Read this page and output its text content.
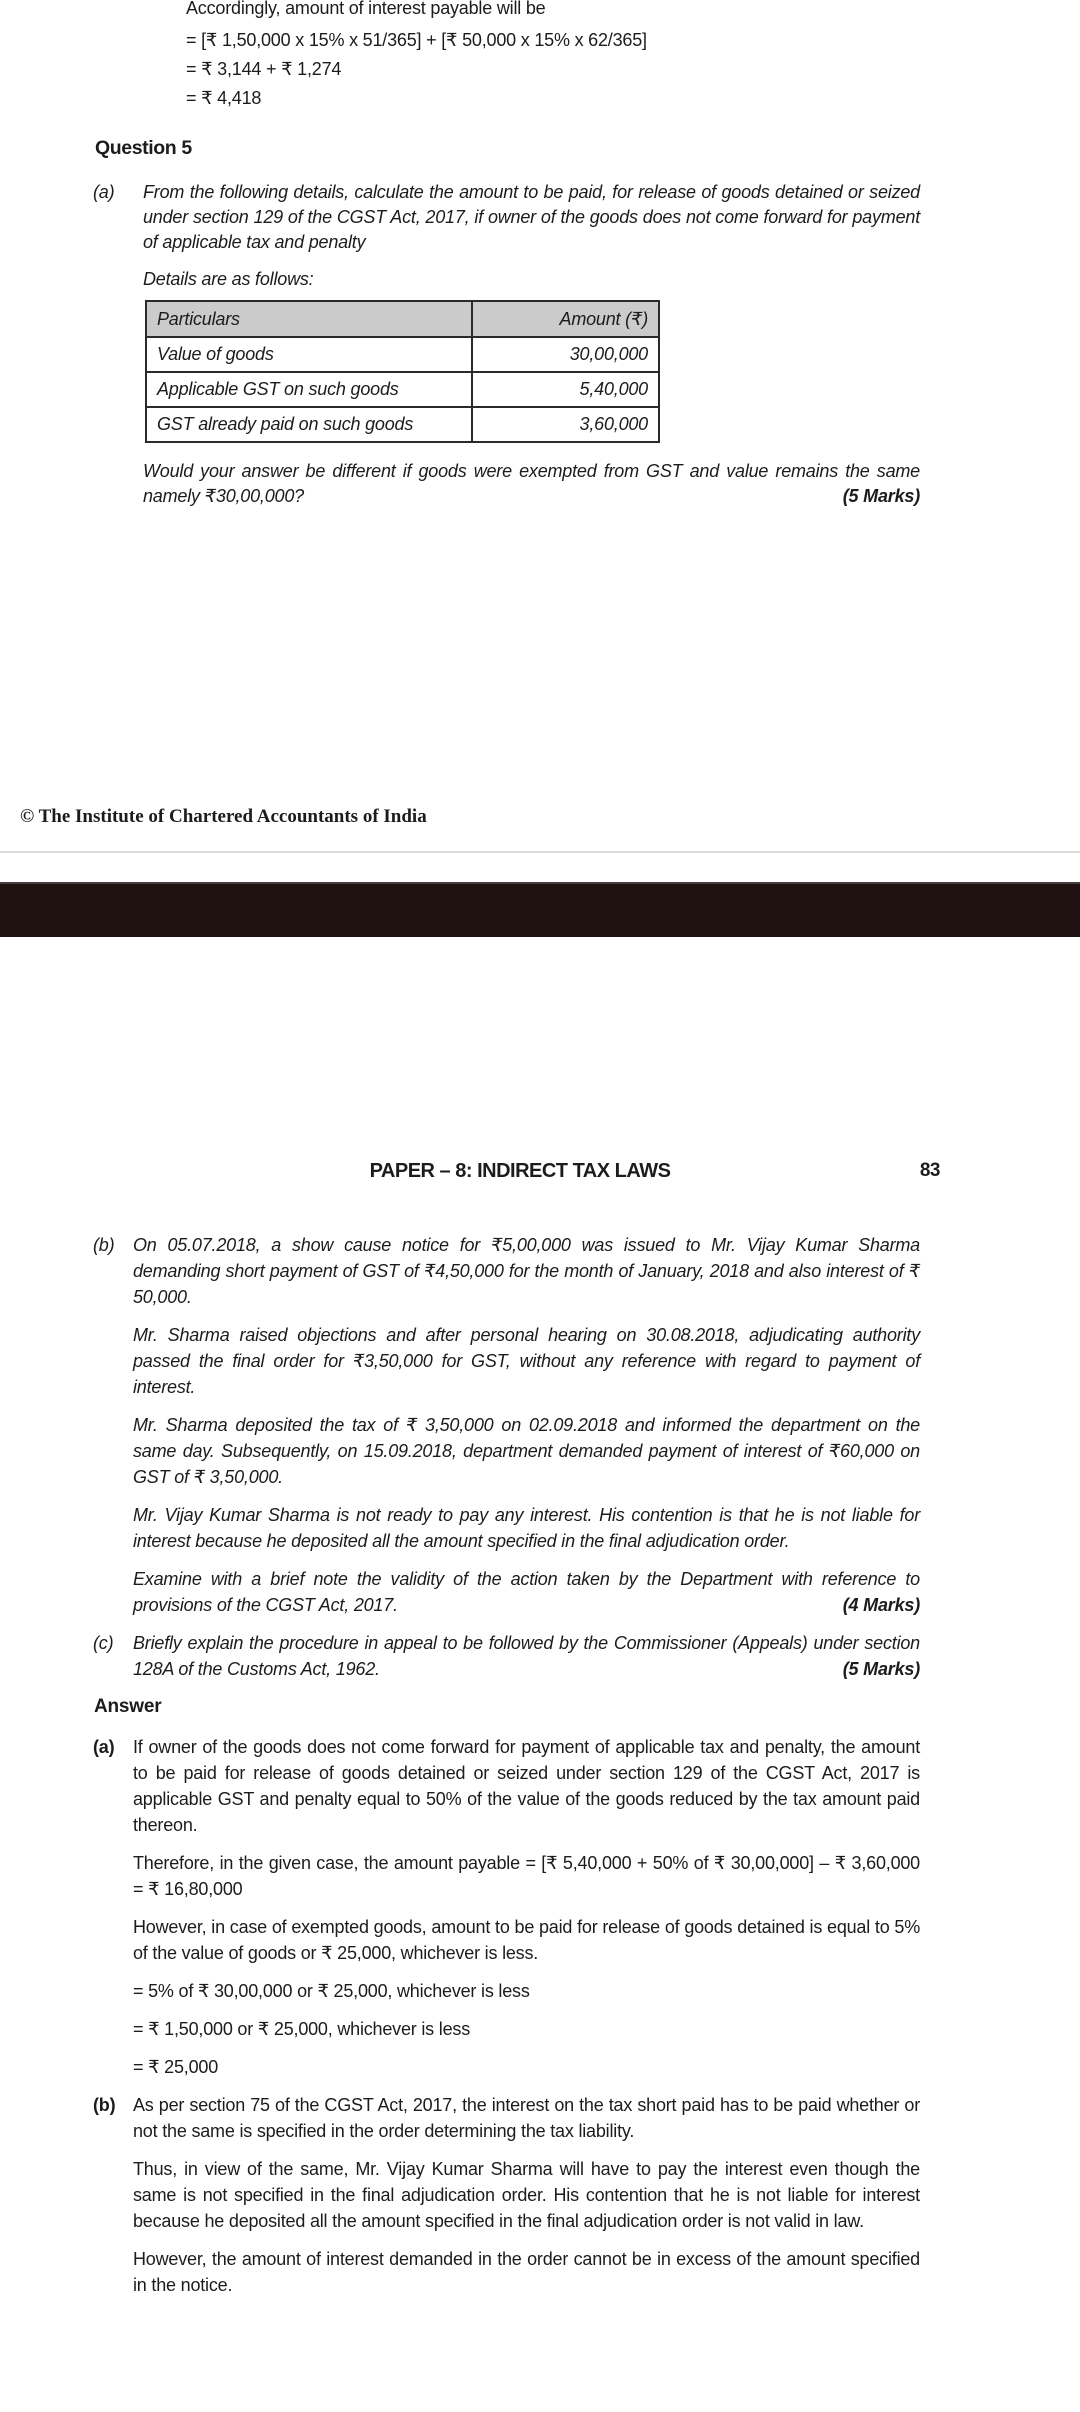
Accordingly, amount of interest payable will be
= [₹ 1,50,000 x 15% x 51/365] + [₹ 50,000 x 15% x 62/365]
= ₹ 3,144 + ₹ 1,274
= ₹ 4,418
Question 5
(a)	From the following details, calculate the amount to be paid, for release of goods detained or seized under section 129 of the CGST Act, 2017, if owner of the goods does not come forward for payment of applicable tax and penalty
Details are as follows:
Particulars	Amount (₹)
Value of goods	30,00,000
Applicable GST on such goods	5,40,000
GST already paid on such goods	3,60,000
Would your answer be different if goods were exempted from GST and value remains the same namely ₹30,00,000?	(5 Marks)
© The Institute of Chartered Accountants of India
PAPER – 8: INDIRECT TAX LAWS	83
(b)	On 05.07.2018, a show cause notice for ₹5,00,000 was issued to Mr. Vijay Kumar Sharma demanding short payment of GST of ₹4,50,000 for the month of January, 2018 and also interest of ₹ 50,000.

Mr. Sharma raised objections and after personal hearing on 30.08.2018, adjudicating authority passed the final order for ₹3,50,000 for GST, without any reference with regard to payment of interest.

Mr. Sharma deposited the tax of ₹ 3,50,000 on 02.09.2018 and informed the department on the same day. Subsequently, on 15.09.2018, department demanded payment of interest of ₹60,000 on GST of ₹ 3,50,000.

Mr. Vijay Kumar Sharma is not ready to pay any interest. His contention is that he is not liable for interest because he deposited all the amount specified in the final adjudication order.

Examine with a brief note the validity of the action taken by the Department with reference to provisions of the CGST Act, 2017.	(4 Marks)

(c)	Briefly explain the procedure in appeal to be followed by the Commissioner (Appeals) under section 128A of the Customs Act, 1962.	(5 Marks)

Answer
(a)	If owner of the goods does not come forward for payment of applicable tax and penalty, the amount to be paid for release of goods detained or seized under section 129 of the CGST Act, 2017 is applicable GST and penalty equal to 50% of the value of the goods reduced by the tax amount paid thereon.

Therefore, in the given case, the amount payable = [₹ 5,40,000 + 50% of ₹ 30,00,000] – ₹ 3,60,000 = ₹ 16,80,000

However, in case of exempted goods, amount to be paid for release of goods detained is equal to 5% of the value of goods or ₹ 25,000, whichever is less.

= 5% of ₹ 30,00,000 or ₹ 25,000, whichever is less

= ₹ 1,50,000 or ₹ 25,000, whichever is less

= ₹ 25,000

(b) As per section 75 of the CGST Act, 2017, the interest on the tax short paid has to be paid whether or not the same is specified in the order determining the tax liability.

Thus, in view of the same, Mr. Vijay Kumar Sharma will have to pay the interest even though the same is not specified in the final adjudication order. His contention that he is not liable for interest because he deposited all the amount specified in the final adjudication order is not valid in law.

However, the amount of interest demanded in the order cannot be in excess of the amount specified in the notice.
